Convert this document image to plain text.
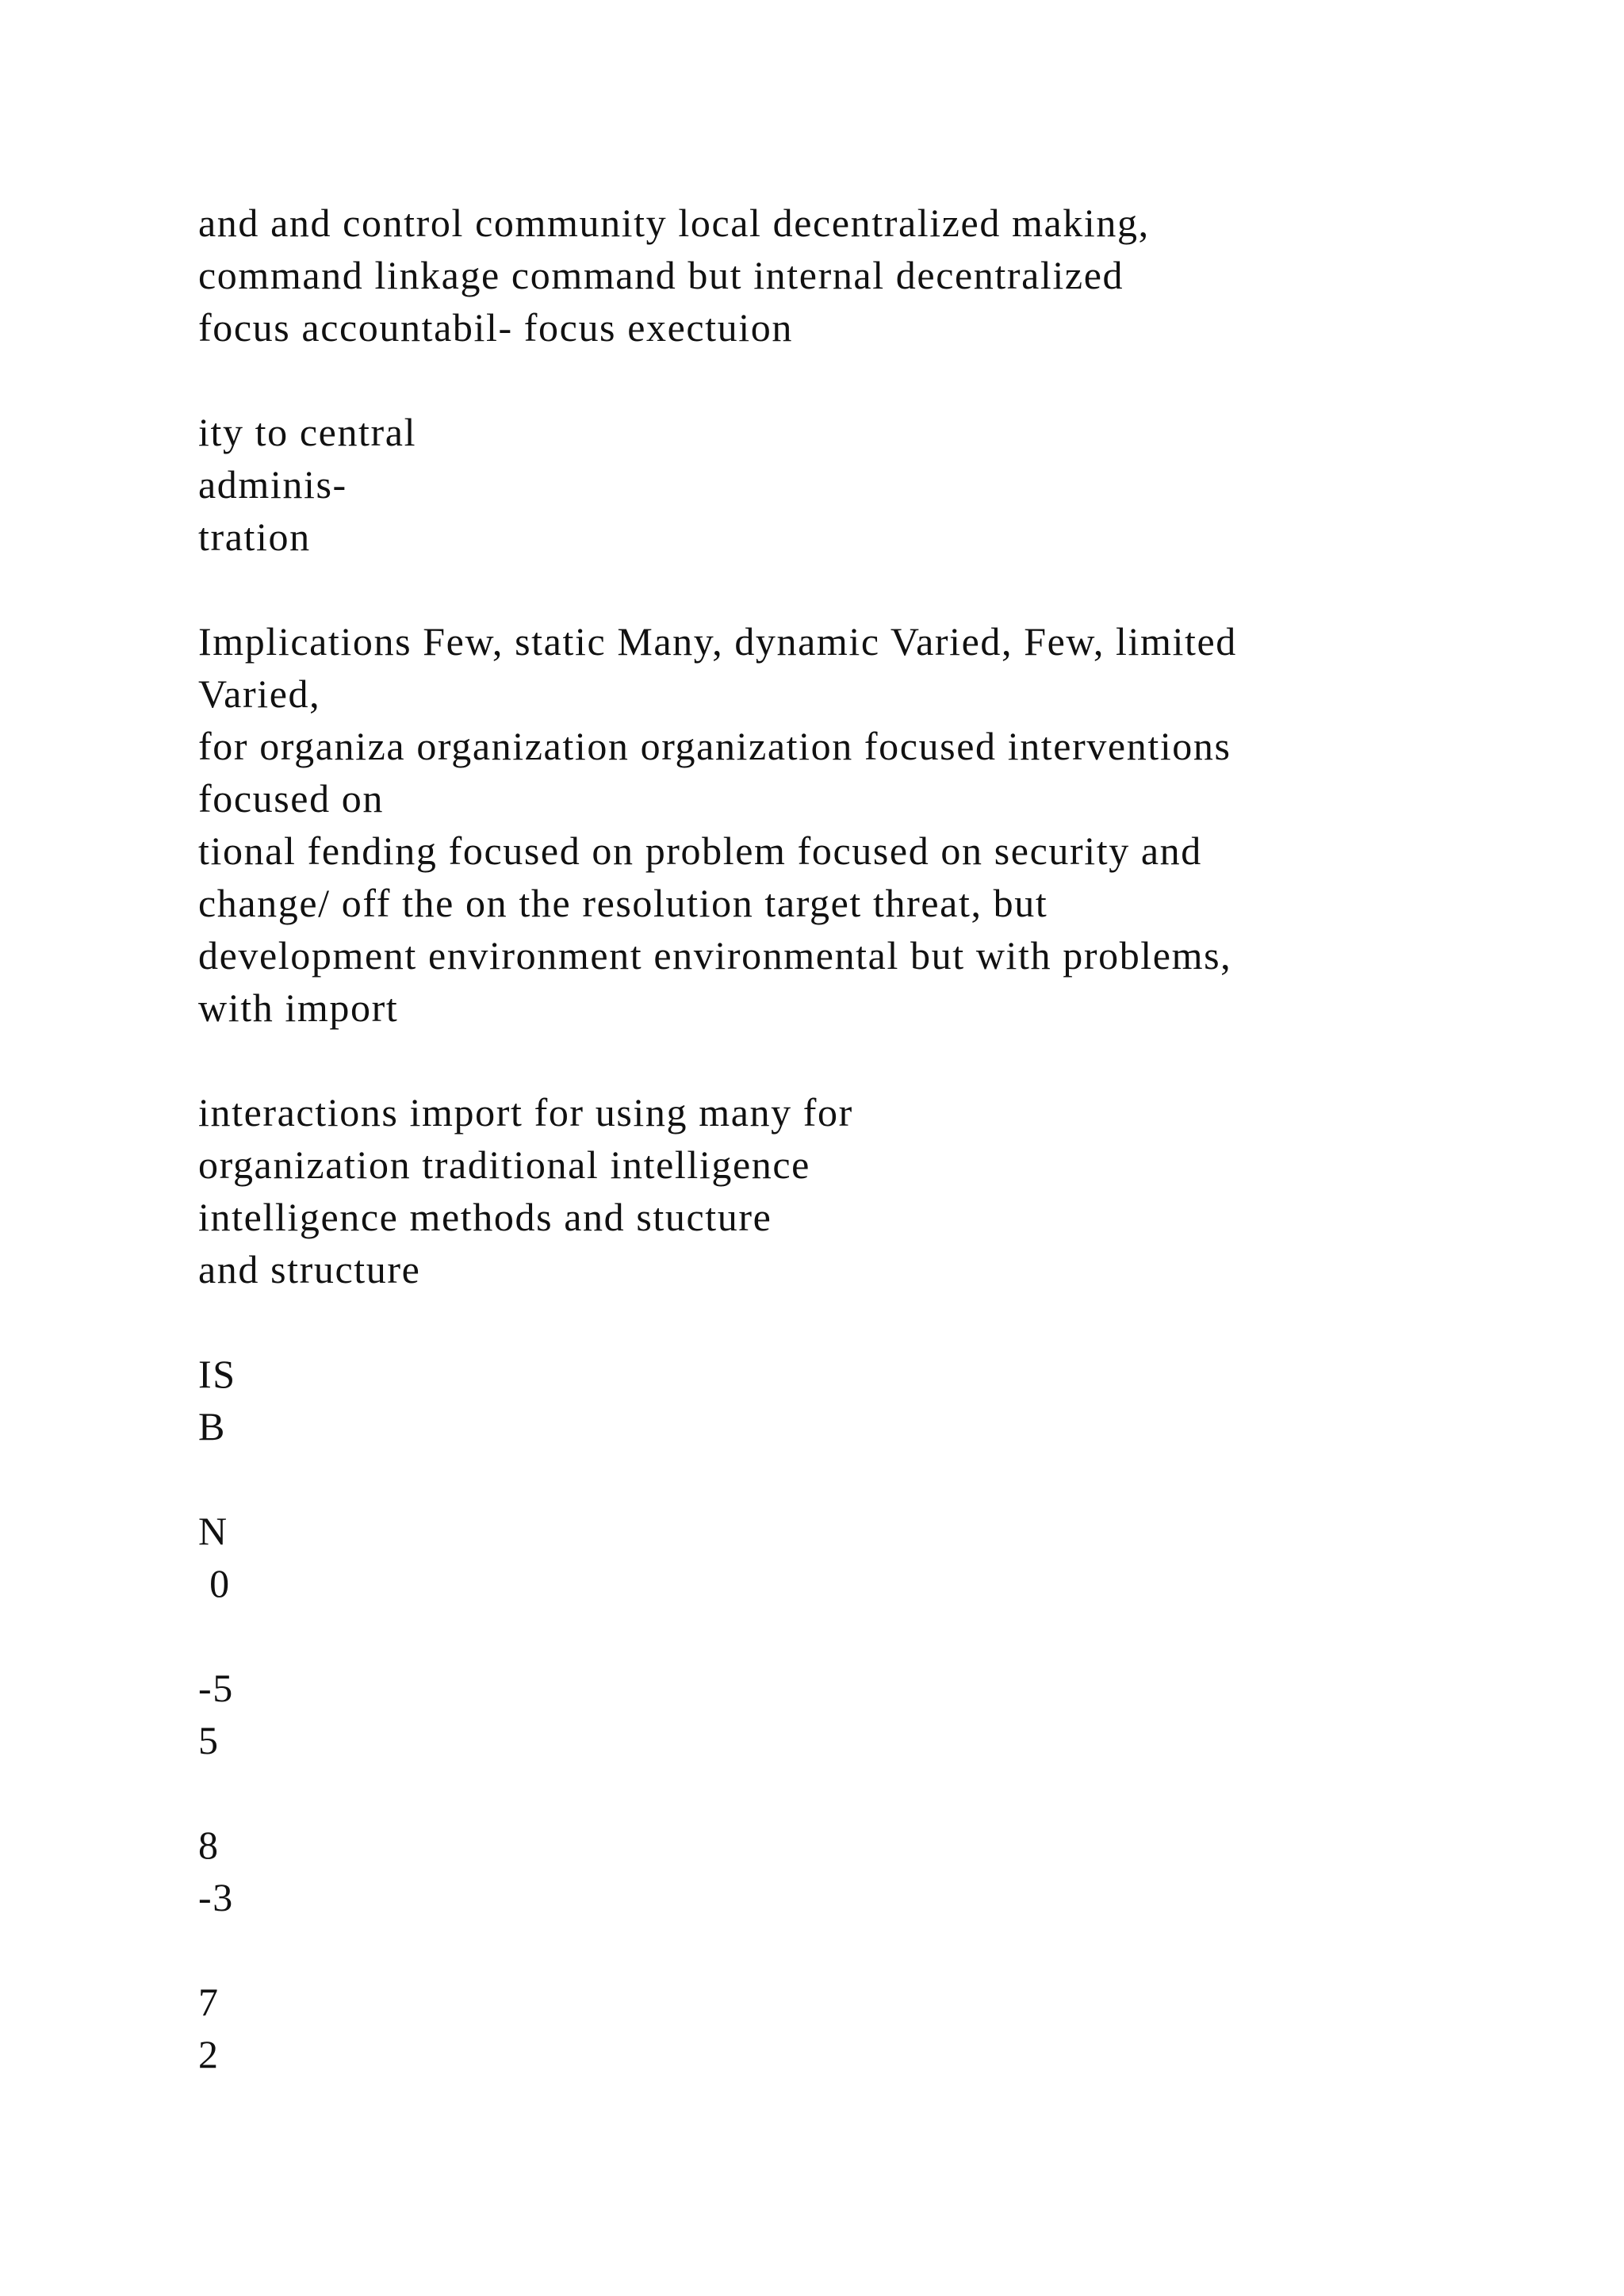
and and control community local decentralized making,
command linkage command but internal decentralized
focus accountabil- focus exectuion
ity to central
adminis-
tration
Implications Few, static Many, dynamic Varied, Few, limited
Varied,
for organiza organization organization focused interventions
focused on
tional fending focused on problem focused on security and
change/ off the on the resolution target threat, but
development environment environmental but with problems,
with import
interactions import for using many for
organization traditional intelligence
intelligence methods and stucture
and structure
IS
B
N
0
-5
5
8
-3
7
2
